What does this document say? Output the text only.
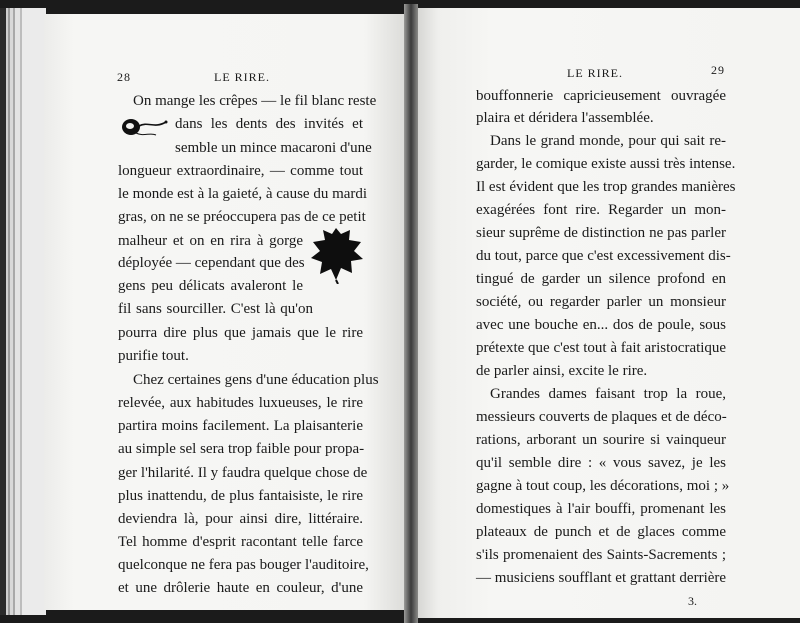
28	LE RIRE.
On mange les crêpes — le fil blanc reste
dans les dents des invités et
semble un mince macaroni d'une
longueur extraordinaire, — comme tout
le monde est à la gaieté, à cause du mardi
gras, on ne se préoccupera pas de ce petit
malheur et on en rira à gorge
déployée — cependant que des
gens peu délicats avaleront le
fil sans sourciller. C'est là qu'on
pourra dire plus que jamais que le rire
purifie tout.
Chez certaines gens d'une éducation plus
relevée, aux habitudes luxueuses, le rire
partira moins facilement. La plaisanterie
au simple sel sera trop faible pour propa-
ger l'hilarité. Il y faudra quelque chose de
plus inattendu, de plus fantaisiste, le rire
deviendra là, pour ainsi dire, littéraire.
Tel homme d'esprit racontant telle farce
quelconque ne fera pas bouger l'auditoire,
et une drôlerie haute en couleur, d'une
LE RIRE.	29
bouffonnerie capricieusement ouvragée
plaira et déridera l'assemblée.
Dans le grand monde, pour qui sait re-
garder, le comique existe aussi très intense.
Il est évident que les trop grandes manières
exagérées font rire. Regarder un mon-
sieur suprême de distinction ne pas parler
du tout, parce que c'est excessivement dis-
tingué de garder un silence profond en
société, ou regarder parler un monsieur
avec une bouche en... dos de poule, sous
prétexte que c'est tout à fait aristocratique
de parler ainsi, excite le rire.
Grandes dames faisant trop la roue,
messieurs couverts de plaques et de déco-
rations, arborant un sourire si vainqueur
qu'il semble dire : « vous savez, je les
gagne à tout coup, les décorations, moi ; »
domestiques à l'air bouffi, promenant les
plateaux de punch et de glaces comme
s'ils promenaient des Saints-Sacrements ;
— musiciens soufflant et grattant derrière
3.
